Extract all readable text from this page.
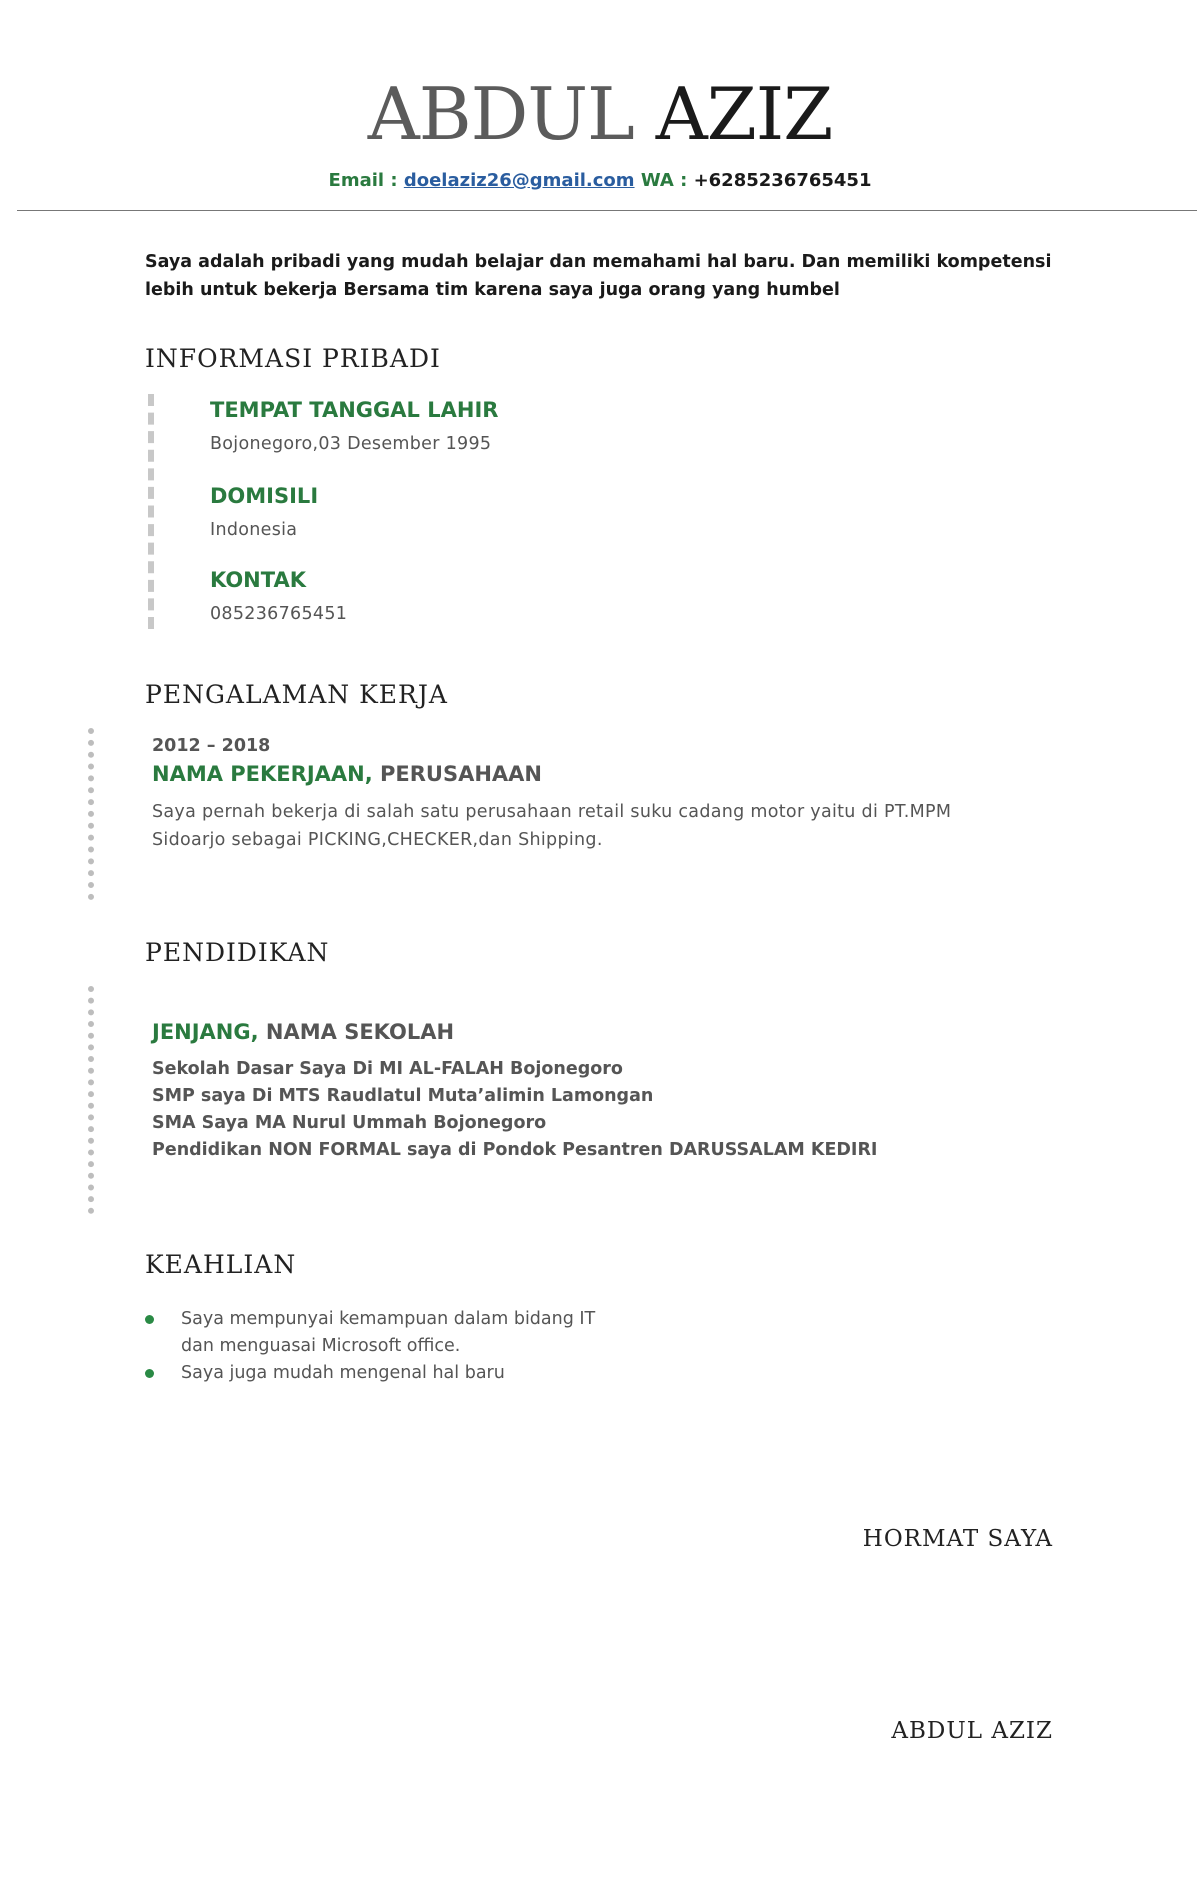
ABDUL AZIZ
Email : doelaziz26@gmail.com WA : +6285236765451
Saya adalah pribadi yang mudah belajar dan memahami hal baru. Dan memiliki kompetensi lebih untuk bekerja Bersama tim karena saya juga orang yang humbel
INFORMASI PRIBADI
TEMPAT TANGGAL LAHIR
Bojonegoro,03 Desember 1995
DOMISILI
Indonesia
KONTAK
085236765451
PENGALAMAN KERJA
2012 – 2018
NAMA PEKERJAAN, PERUSAHAAN
Saya pernah bekerja di salah satu perusahaan retail suku cadang motor yaitu di PT.MPM
Sidoarjo sebagai PICKING,CHECKER,dan Shipping.
PENDIDIKAN
JENJANG, NAMA SEKOLAH
Sekolah Dasar Saya Di MI AL-FALAH Bojonegoro
SMP saya Di MTS Raudlatul Muta’alimin Lamongan
SMA Saya MA Nurul Ummah Bojonegoro
Pendidikan NON FORMAL saya di Pondok Pesantren DARUSSALAM KEDIRI
KEAHLIAN
Saya mempunyai kemampuan dalam bidang IT
dan menguasai Microsoft office.
Saya juga mudah mengenal hal baru
HORMAT SAYA
ABDUL AZIZ
